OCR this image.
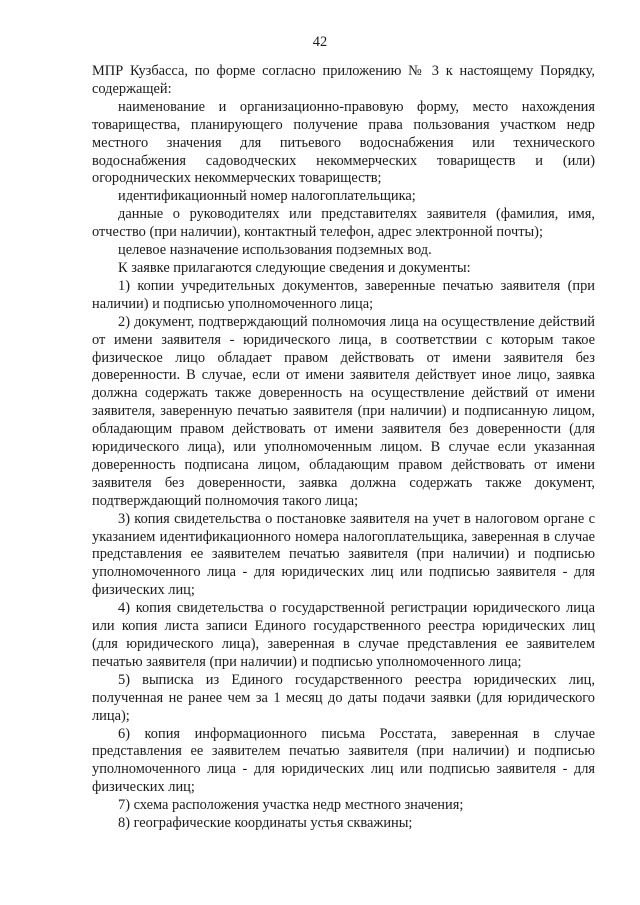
42

МПР Кузбасса, по форме согласно приложению № 3 к настоящему Порядку, содержащей:

наименование и организационно-правовую форму, место нахождения товарищества, планирующего получение права пользования участком недр местного значения для питьевого водоснабжения или технического водоснабжения садоводческих некоммерческих товариществ и (или) огороднических некоммерческих товариществ;

идентификационный номер налогоплательщика;

данные о руководителях или представителях заявителя (фамилия, имя, отчество (при наличии), контактный телефон, адрес электронной почты);

целевое назначение использования подземных вод.

К заявке прилагаются следующие сведения и документы:

1) копии учредительных документов, заверенные печатью заявителя (при наличии) и подписью уполномоченного лица;

2) документ, подтверждающий полномочия лица на осуществление действий от имени заявителя - юридического лица, в соответствии с которым такое физическое лицо обладает правом действовать от имени заявителя без доверенности. В случае, если от имени заявителя действует иное лицо, заявка должна содержать также доверенность на осуществление действий от имени заявителя, заверенную печатью заявителя (при наличии) и подписанную лицом, обладающим правом действовать от имени заявителя без доверенности (для юридического лица), или уполномоченным лицом. В случае если указанная доверенность подписана лицом, обладающим правом действовать от имени заявителя без доверенности, заявка должна содержать также документ, подтверждающий полномочия такого лица;

3) копия свидетельства о постановке заявителя на учет в налоговом органе с указанием идентификационного номера налогоплательщика, заверенная в случае представления ее заявителем печатью заявителя (при наличии) и подписью уполномоченного лица - для юридических лиц или подписью заявителя - для физических лиц;

4) копия свидетельства о государственной регистрации юридического лица или копия листа записи Единого государственного реестра юридических лиц (для юридического лица), заверенная в случае представления ее заявителем печатью заявителя (при наличии) и подписью уполномоченного лица;

5) выписка из Единого государственного реестра юридических лиц, полученная не ранее чем за 1 месяц до даты подачи заявки (для юридического лица);

6) копия информационного письма Росстата, заверенная в случае представления ее заявителем печатью заявителя (при наличии) и подписью уполномоченного лица - для юридических лиц или подписью заявителя - для физических лиц;

7) схема расположения участка недр местного значения;

8) географические координаты устья скважины;
